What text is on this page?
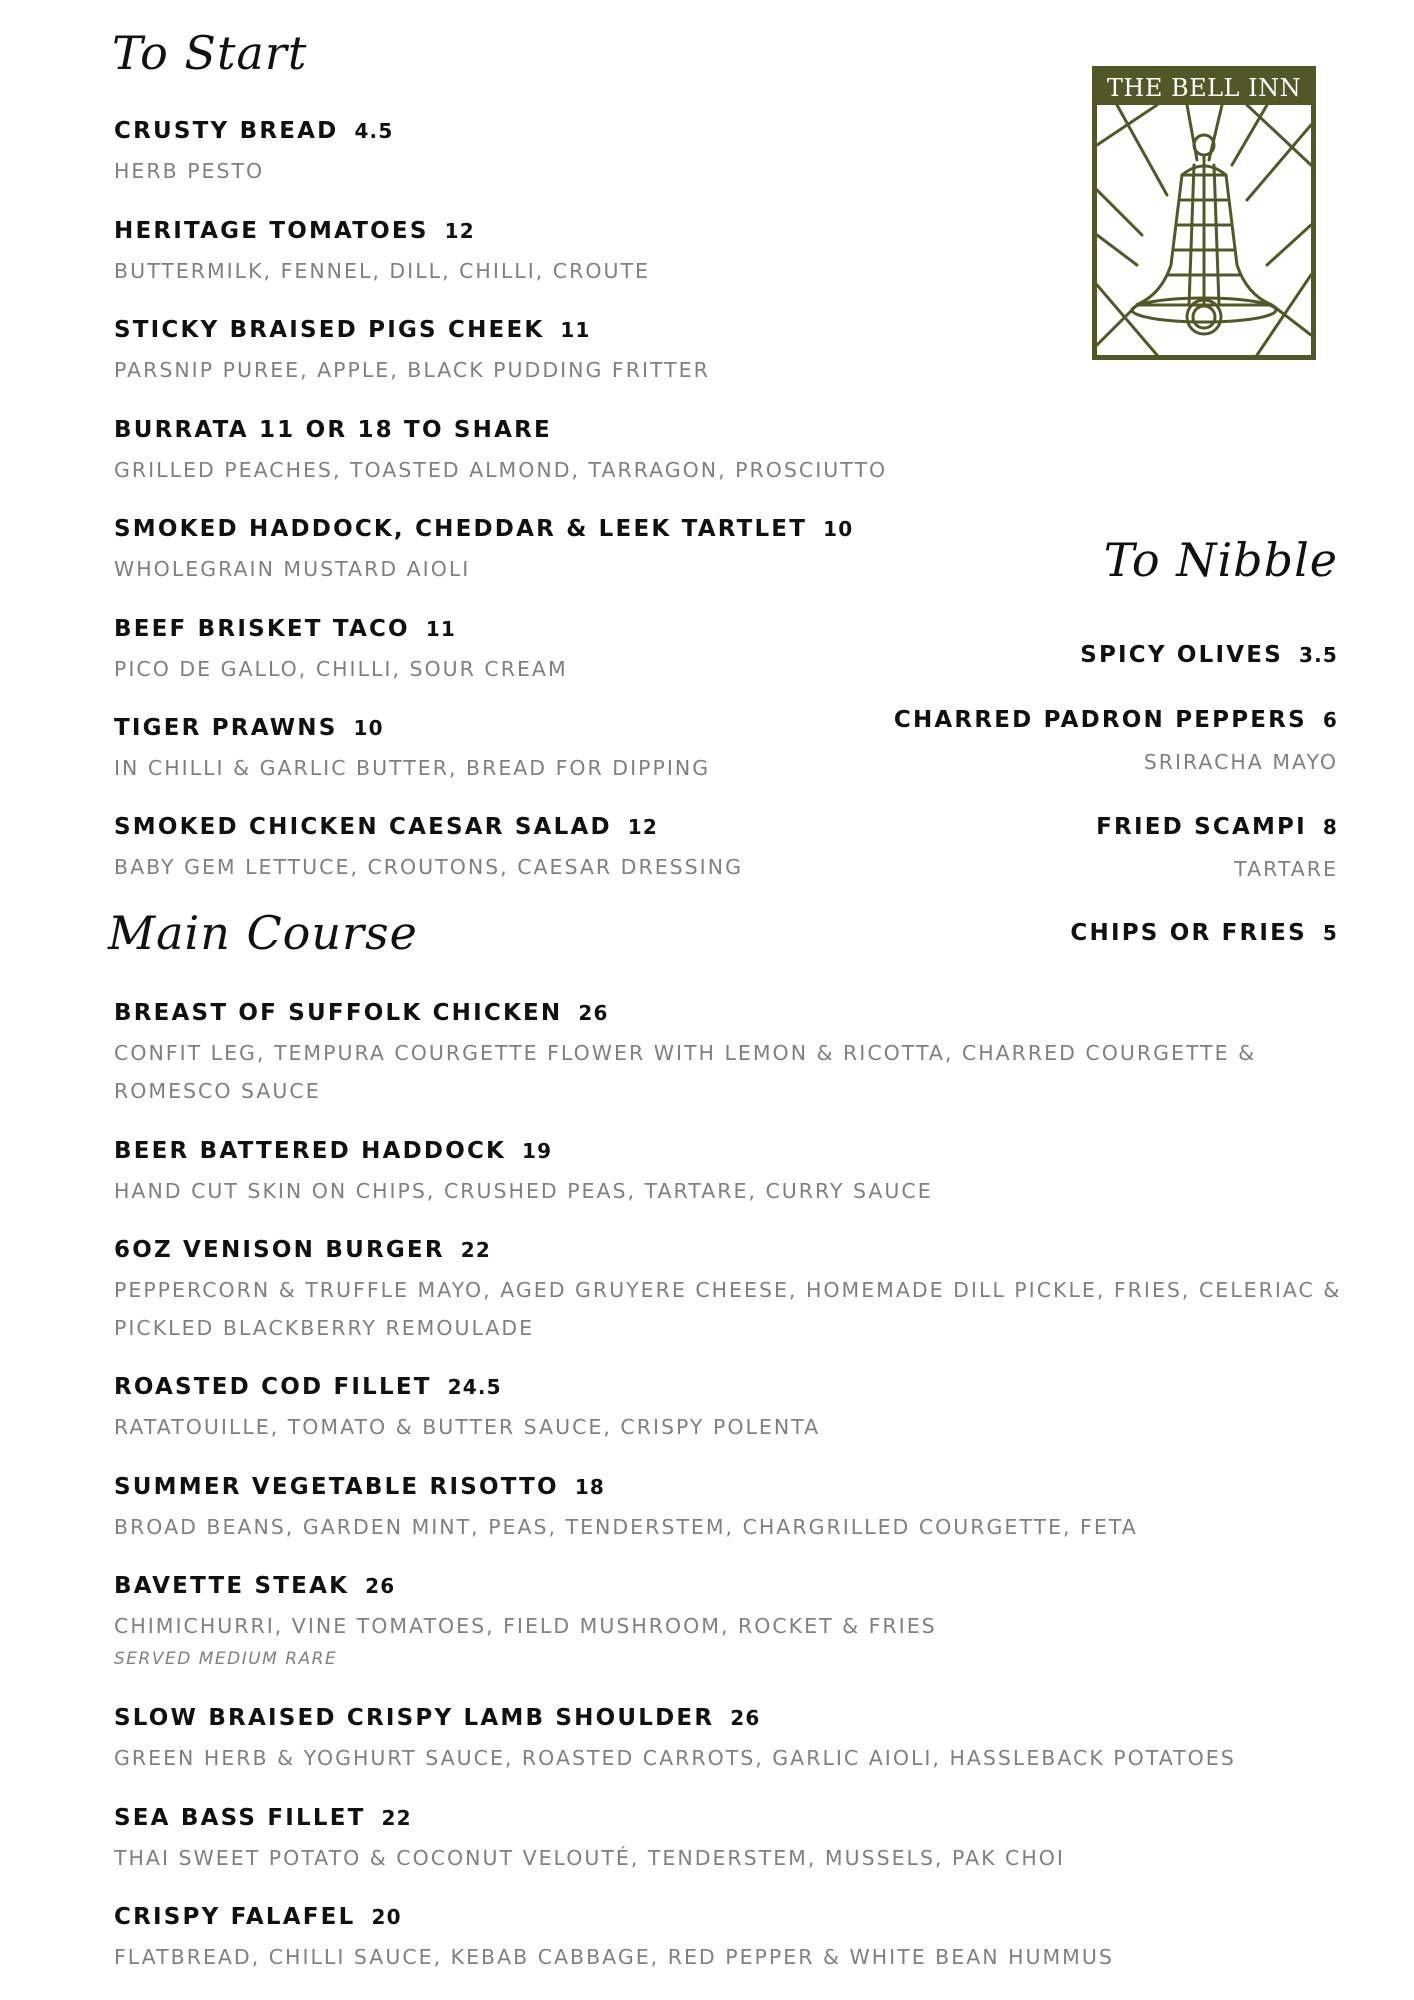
To Start
Main Course
To Nibble
THE BELL INN
CRUSTY BREAD 4.5
HERB PESTO
HERITAGE TOMATOES 12
BUTTERMILK, FENNEL, DILL, CHILLI, CROUTE
STICKY BRAISED PIGS CHEEK 11
PARSNIP PUREE, APPLE, BLACK PUDDING FRITTER
BURRATA 11 OR 18 TO SHARE
GRILLED PEACHES, TOASTED ALMOND, TARRAGON, PROSCIUTTO
SMOKED HADDOCK, CHEDDAR & LEEK TARTLET 10
WHOLEGRAIN MUSTARD AIOLI
BEEF BRISKET TACO 11
PICO DE GALLO, CHILLI, SOUR CREAM
TIGER PRAWNS 10
IN CHILLI & GARLIC BUTTER, BREAD FOR DIPPING
SMOKED CHICKEN CAESAR SALAD 12
BABY GEM LETTUCE, CROUTONS, CAESAR DRESSING
SPICY OLIVES 3.5
CHARRED PADRON PEPPERS 6
SRIRACHA MAYO
FRIED SCAMPI 8
TARTARE
CHIPS OR FRIES 5
BREAST OF SUFFOLK CHICKEN 26
CONFIT LEG, TEMPURA COURGETTE FLOWER WITH LEMON & RICOTTA, CHARRED COURGETTE & ROMESCO SAUCE
BEER BATTERED HADDOCK 19
HAND CUT SKIN ON CHIPS, CRUSHED PEAS, TARTARE, CURRY SAUCE
6OZ VENISON BURGER 22
PEPPERCORN & TRUFFLE MAYO, AGED GRUYERE CHEESE, HOMEMADE DILL PICKLE, FRIES, CELERIAC & PICKLED BLACKBERRY REMOULADE
ROASTED COD FILLET 24.5
RATATOUILLE, TOMATO & BUTTER SAUCE, CRISPY POLENTA
SUMMER VEGETABLE RISOTTO 18
BROAD BEANS, GARDEN MINT, PEAS, TENDERSTEM, CHARGRILLED COURGETTE, FETA
BAVETTE STEAK 26
CHIMICHURRI, VINE TOMATOES, FIELD MUSHROOM, ROCKET & FRIES
SERVED MEDIUM RARE
SLOW BRAISED CRISPY LAMB SHOULDER 26
GREEN HERB & YOGHURT SAUCE, ROASTED CARROTS, GARLIC AIOLI, HASSLEBACK POTATOES
SEA BASS FILLET 22
THAI SWEET POTATO & COCONUT VELOUTÉ, TENDERSTEM, MUSSELS, PAK CHOI
CRISPY FALAFEL 20
FLATBREAD, CHILLI SAUCE, KEBAB CABBAGE, RED PEPPER & WHITE BEAN HUMMUS
